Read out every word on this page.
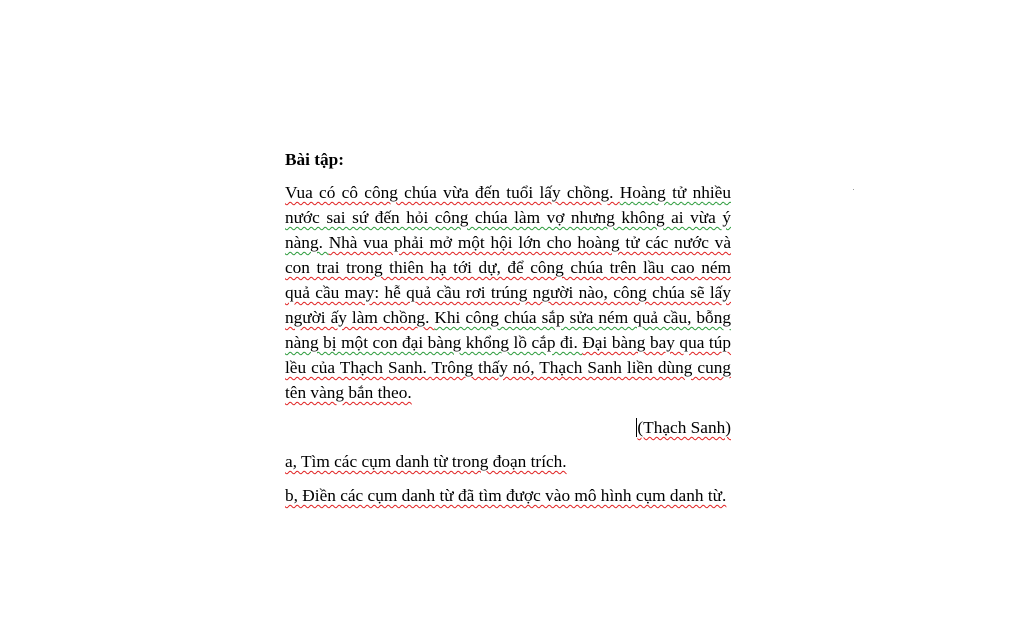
Bài tập:

Vua có cô công chúa vừa đến tuổi lấy chồng. Hoàng tử nhiều nước sai sứ đến hỏi công chúa làm vợ nhưng không ai vừa ý nàng. Nhà vua phải mở một hội lớn cho hoàng tử các nước và con trai trong thiên hạ tới dự, để công chúa trên lầu cao ném quả cầu may: hễ quả cầu rơi trúng người nào, công chúa sẽ lấy người ấy làm chồng. Khi công chúa sắp sửa ném quả cầu, bỗng nàng bị một con đại bàng khổng lồ cắp đi. Đại bàng bay qua túp lều của Thạch Sanh. Trông thấy nó, Thạch Sanh liền dùng cung tên vàng bắn theo.

(Thạch Sanh)

a, Tìm các cụm danh từ trong đoạn trích.

b, Điền các cụm danh từ đã tìm được vào mô hình cụm danh từ.
